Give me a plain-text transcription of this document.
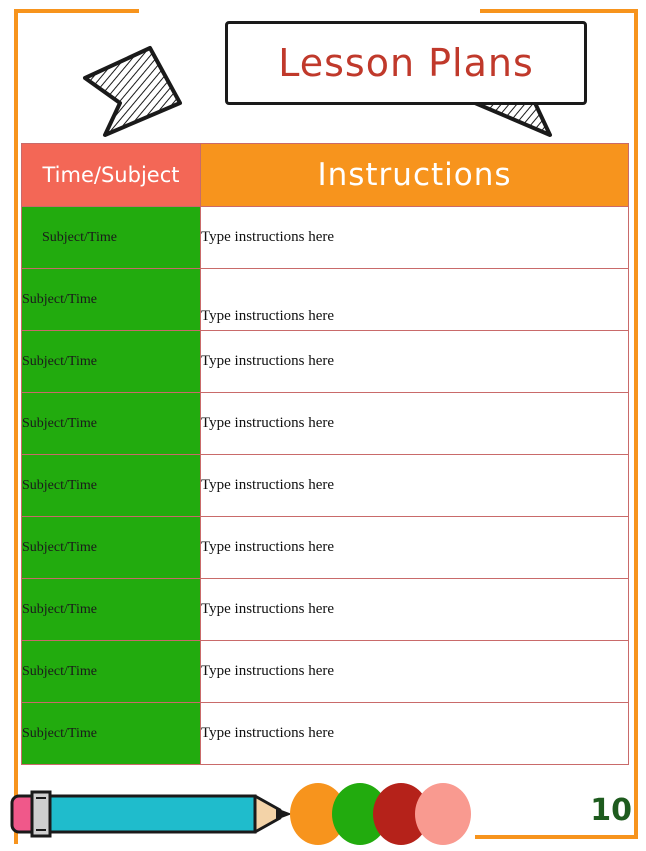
Lesson Plans
Time/Subject	Instructions
Subject/Time	Type instructions here
Subject/Time	Type instructions here
Subject/Time	Type instructions here
Subject/Time	Type instructions here
Subject/Time	Type instructions here
Subject/Time	Type instructions here
Subject/Time	Type instructions here
Subject/Time	Type instructions here
Subject/Time	Type instructions here
10
